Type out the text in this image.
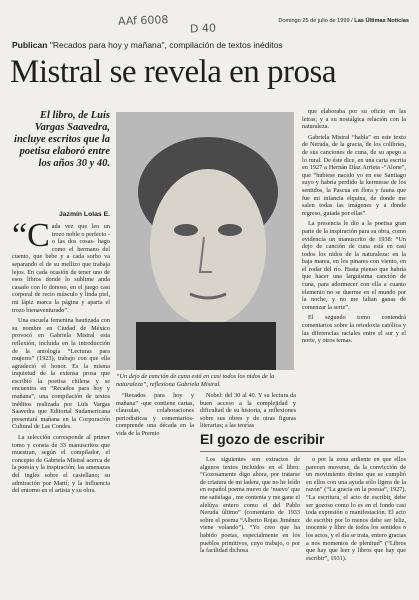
AAf 6008
D 40
Domingo 25 de julio de 1999 / Las Últimas Noticias
Publican "Recados para hoy y mañana", compilación de textos inéditos
Mistral se revela en prosa
El libro, de Luis Vargas Saavedra, incluye escritos que la poetisa elaboró entre los años 30 y 40.
Jazmín Lolas E.

“Cada vez que leo un trozo noble o perfecto -o las dos cosas- hago como el hermano del cuento, que bebe y a cada sorbo va separando el de su mellizo que trabaja lejos. En cada ocasión de tener uno de esos libros donde lo sublime anda casado con lo donoso, en el juego casi corporal de recio músculo y linda piel, mi lápiz marca la página y aparta el trozo bienaventurado”.

Una escuela femenina bautizada con su nombre en Ciudad de México provocó en Gabriela Mistral esta reflexión, incluida en la introducción de la antología “Lecturas para mujeres” (1923), trabajo con que ella agradeció el honor. Es la misma inquietud de la extensa prosa que escribió la poetisa chilena y se encuentra en “Recados para hoy y mañana”, una compilación de textos inéditos realizada por Luis Vargas Saavedra que Editorial Sudamericana presentará mañana en la Corporación Cultural de Las Condes.

La selección corresponde al primer tomo y consta de 33 manuscritos que muestran, según el compilador, el concepto de Gabriela Mistral acerca de la poesía y la inspiración; las amenazas del inglés sobre el castellano; su admiración por Martí; y la influencia del entorno en el artista y su obra.

“Un dejo de canción de cuna está en casi todos los nidos de la naturaleza”, reflexiona Gabriela Mistral.

“Recados para hoy y mañana” -que contiene cartas, cláusulas, colaboraciones periodísticas y comentarios- comprende una década en la vida de la Premio

Nobel: del 30 al 40. Y su lectura da buen acceso a la complejidad y dificultad de su historia, a reflexiones sobre sus obres y de otras figuras literarias; a las teorías

que elaboraba por su oficio en las letras; y a su nostálgica relación con la naturaleza.

Gabriela Mistral “habla” en este texto de Neruda, de la gracia, de los colibríes, de sus canciones de cuna, de su apego a lo rural. De éste dice, en una carta escrita en 1927 a Hernán Díaz Arrieta -“Alone”, que “hubiese nacido yo en ese Santiago suyo y habría perdido la kermesse de los sentidos, la Pascua en flora y fauna que fue mi infancia elquina, de donde me salen todas las imágenes y a donde regreso, guiada por ellas”.

La presencia le dio a la poetisa gran parte de la inspiración para su obra, como evidencia un manuscrito de 1938: “Un dejo de canción de cuna está en casi todos los nidos de la naturaleza: en la baja marea, en los pinares con viento, en el rodar del río. Hasta pienso que habría que hacer una larguísima canción de cuna, para adormecer con ella a cuanto elemento no se duerme en el mundo por la noche, y no me faltan ganas de comenzar la serie”.

El segundo tomo contendrá comentarios sobre la ortodoxia católica y las diferencias raciales entre el sur y el norte, y otros temas.

El gozo de escribir

Los siguientes son extractos de algunos textos incluidos en el libro: “Gozosamente digo ahora, por tratarse de criatura de mi ladera, que no he leído en español poema nuevo de ‘nuevo’ que me satisfaga , me contenta y me gane el alelúya entero como el del Pablo Neruda último” (comentario de 1933 sobre el poema “Alberto Rojas Jiménez viene volando”). “Yo creo que ha habido poetas, especialmente en los pueblos primitivos, cuyo trabajo, o por la facilidad dichosa

o por la zona ardiente en que ellos parecen moverse, da la convicción de un movimiento divino que se cumplió en ellos con una ayuda sólo ligera de la razón” (“La gracia en la poesía”, 1927). “La escritura, el acto de escribir, debe ser gozoso como lo es en el fondo casi toda expresión o manifestación. El acto de escribir por lo menos debe ser feliz, inocente y libre de todos los sentidos o los actos, y el día se trata, entero gracias a nos momentos de plenitud” (“Libros que hay que leer y libros que hay que escribir”, 1931).
